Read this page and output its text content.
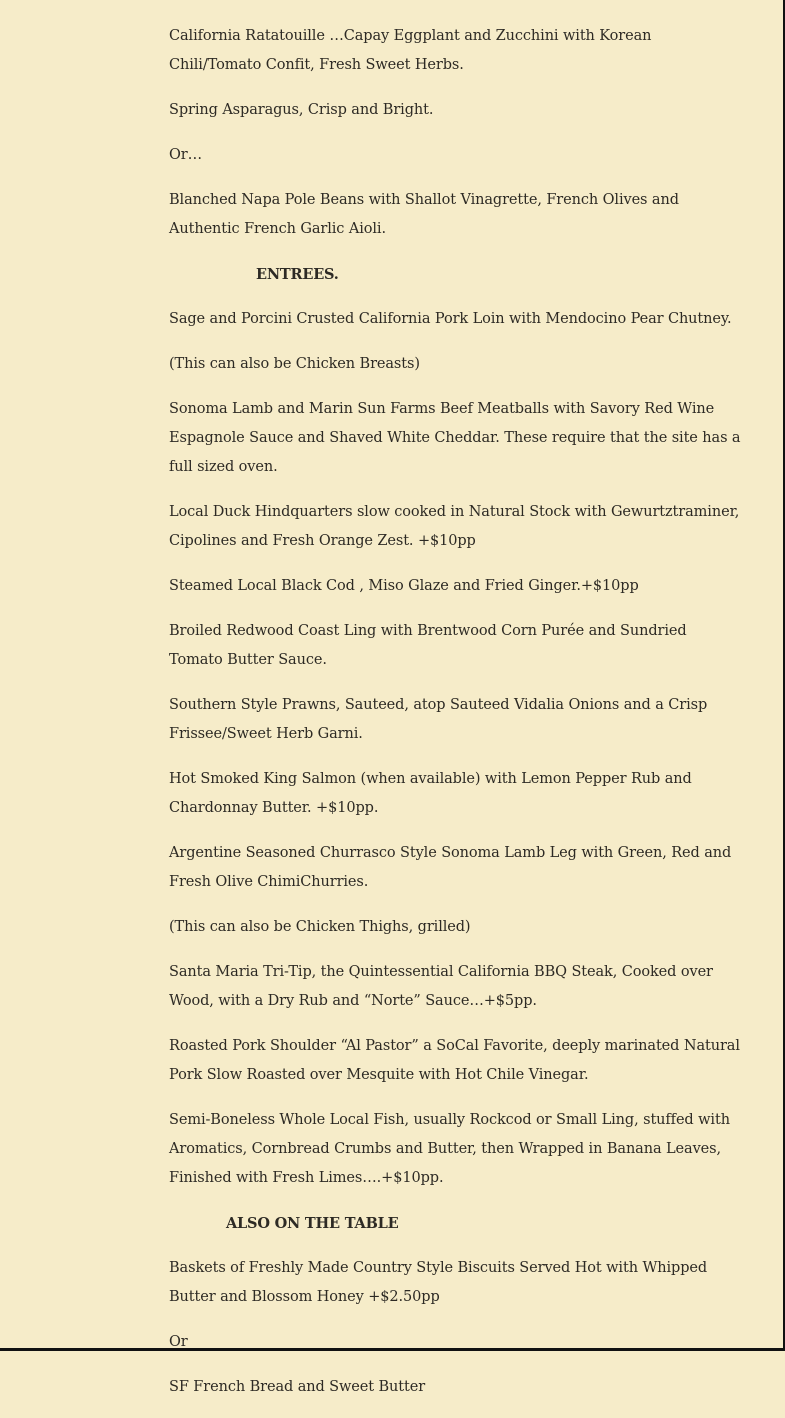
California Ratatouille …Capay Eggplant and Zucchini with Korean Chili/Tomato Confit, Fresh Sweet Herbs.

Spring Asparagus, Crisp and Bright.

Or…

Blanched Napa Pole Beans with Shallot Vinagrette, French Olives and Authentic French Garlic Aioli.

ENTREES.

Sage and Porcini Crusted California Pork Loin with Mendocino Pear Chutney.

(This can also be Chicken Breasts)

Sonoma Lamb and Marin Sun Farms Beef Meatballs with Savory Red Wine Espagnole Sauce and Shaved White Cheddar. These require that the site has a full sized oven.

Local Duck Hindquarters slow cooked in Natural Stock with Gewurtztraminer, Cipolines and Fresh Orange Zest. +$10pp

Steamed Local Black Cod , Miso Glaze and Fried Ginger.+$10pp

Broiled Redwood Coast Ling with Brentwood Corn Purée and Sundried Tomato Butter Sauce.

Southern Style Prawns, Sauteed, atop Sauteed Vidalia Onions and a Crisp Frissee/Sweet Herb Garni.

Hot Smoked King Salmon (when available) with Lemon Pepper Rub and Chardonnay Butter. +$10pp.

Argentine Seasoned Churrasco Style Sonoma Lamb Leg with Green, Red and Fresh Olive ChimiChurries.

(This can also be Chicken Thighs, grilled)

Santa Maria Tri-Tip, the Quintessential California BBQ Steak, Cooked over Wood, with a Dry Rub and “Norte” Sauce…+$5pp.

Roasted Pork Shoulder “Al Pastor” a SoCal Favorite, deeply marinated Natural Pork Slow Roasted over Mesquite with Hot Chile Vinegar.

Semi-Boneless Whole Local Fish, usually Rockcod or Small Ling, stuffed with Aromatics, Cornbread Crumbs and Butter, then Wrapped in Banana Leaves, Finished with Fresh Limes….+$10pp.

ALSO ON THE TABLE

Baskets of Freshly Made Country Style Biscuits Served Hot with Whipped Butter and Blossom Honey +$2.50pp

Or

SF French Bread and Sweet Butter
